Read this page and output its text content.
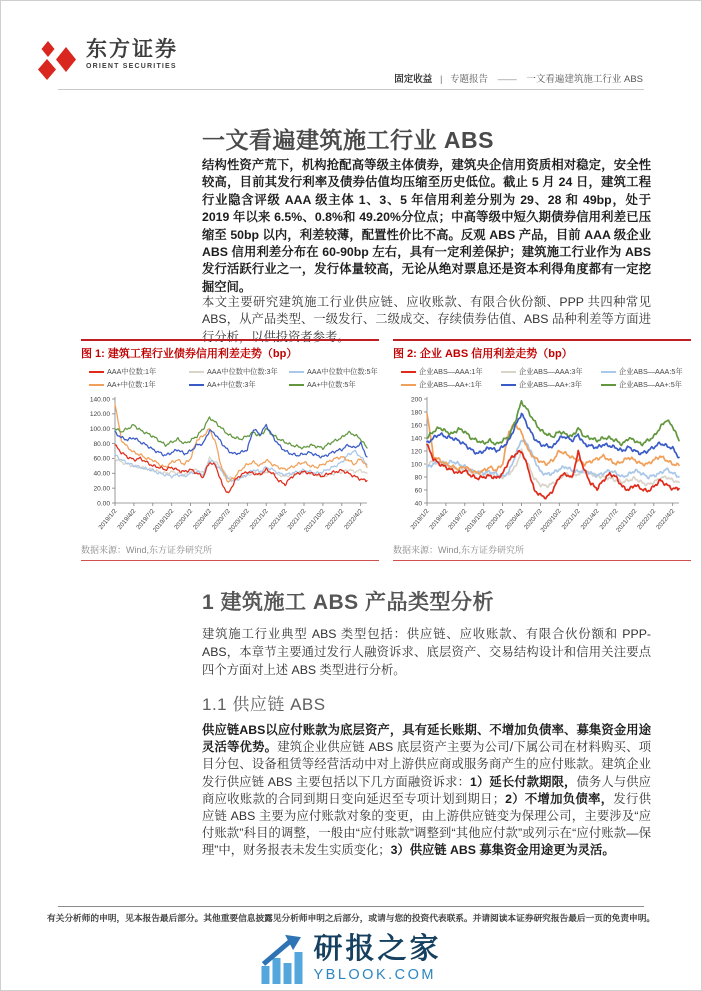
东方证券
ORIENT SECURITIES
固定收益 | 专题报告 —— 一文看遍建筑施工行业 ABS
一文看遍建筑施工行业 ABS

结构性资产荒下，机构抢配高等级主体债券，建筑央企信用资质相对稳定，安全性较高，目前其发行利率及债券估值均压缩至历史低位。截止 5 月 24 日，建筑工程行业隐含评级 AAA 级主体 1、3、5 年信用利差分别为 29、28 和 49bp，处于 2019 年以来 6.5%、0.8%和 49.20%分位点；中高等级中短久期债券信用利差已压缩至 50bp 以内，利差较薄，配置性价比不高。反观 ABS 产品，目前 AAA 级企业 ABS 信用利差分布在 60-90bp 左右，具有一定利差保护；建筑施工行业作为 ABS 发行活跃行业之一，发行体量较高，无论从绝对票息还是资本利得角度都有一定挖掘空间。

本文主要研究建筑施工行业供应链、应收账款、有限合伙份额、PPP 共四种常见 ABS，从产品类型、一级发行、二级成交、存续债券估值、ABS 品种利差等方面进行分析，以供投资者参考。

图 1: 建筑工程行业债券信用利差走势（bp）
AAA中位数:1年	AAA中位数中位数:3年	AAA中位数中位数:5年
AA+中位数:1年	AA+中位数:3年	AA+中位数:5年
0.00
20.00
40.00
60.00
80.00
100.00
120.00
140.00
2019/1/2
2019/4/2
2019/7/2
2019/10/2
2020/1/2
2020/4/2
2020/7/2
2020/10/2
2021/1/2
2021/4/2
2021/7/2
2021/10/2
2022/1/2
2022/4/2
数据来源：Wind,东方证券研究所
图 2: 企业 ABS 信用利差走势（bp）
企业ABS—AAA:1年	企业ABS—AAA:3年	企业ABS—AAA:5年
企业ABS—AA+:1年	企业ABS—AA+:3年	企业ABS—AA+:5年
40
60
80
100
120
140
160
180
200
2019/1/2
2019/4/2
2019/7/2
2019/10/2
2020/1/2
2020/4/2
2020/7/2
2020/10/2
2021/1/2
2021/4/2
2021/7/2
2021/10/2
2022/1/2
2022/4/2
数据来源：Wind,东方证券研究所
1 建筑施工 ABS 产品类型分析

建筑施工行业典型 ABS 类型包括：供应链、应收账款、有限合伙份额和 PPP-ABS，本章节主要通过发行人融资诉求、底层资产、交易结构设计和信用关注要点四个方面对上述 ABS 类型进行分析。

1.1 供应链 ABS

供应链ABS以应付账款为底层资产，具有延长账期、不增加负债率、募集资金用途灵活等优势。建筑企业供应链 ABS 底层资产主要为公司/下属公司在材料购买、项目分包、设备租赁等经营活动中对上游供应商或服务商产生的应付账款。建筑企业发行供应链 ABS 主要包括以下几方面融资诉求：1）延长付款期限，债务人与供应商应收账款的合同到期日变向延迟至专项计划到期日；2）不增加负债率，发行供应链 ABS 主要为应付账款对象的变更，由上游供应链变为保理公司，主要涉及“应付账款”科目的调整，一般由“应付账款”调整到“其他应付款”或列示在“应付账款—保理”中，财务报表未发生实质变化；3）供应链 ABS 募集资金用途更为灵活。

有关分析师的申明，见本报告最后部分。其他重要信息披露见分析师申明之后部分，或请与您的投资代表联系。并请阅读本证券研究报告最后一页的免责申明。
研报之家
YBLOOK.COM
